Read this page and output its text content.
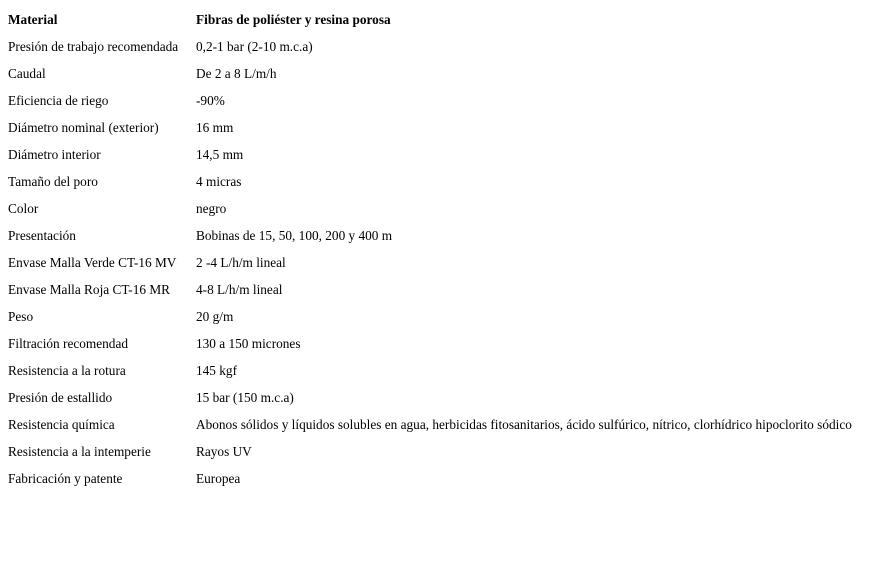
Material	Fibras de poliéster y resina porosa
Presión de trabajo recomendada	0,2-1 bar (2-10 m.c.a)
Caudal	De 2 a 8 L/m/h
Eficiencia de riego	-90%
Diámetro nominal (exterior)	16 mm
Diámetro interior	14,5 mm
Tamaño del poro	4 micras
Color	negro
Presentación	Bobinas de 15, 50, 100, 200 y 400 m
Envase Malla Verde CT-16 MV	2 -4 L/h/m lineal
Envase Malla Roja CT-16 MR	4-8 L/h/m lineal
Peso	20 g/m
Filtración recomendad	130 a 150 micrones
Resistencia a la rotura	145 kgf
Presión de estallido	15 bar (150 m.c.a)
Resistencia química	Abonos sólidos y líquidos solubles en agua, herbicidas fitosanitarios, ácido sulfúrico, nítrico, clorhídrico hipoclorito sódico
Resistencia a la intemperie	Rayos UV
Fabricación y patente	Europea
